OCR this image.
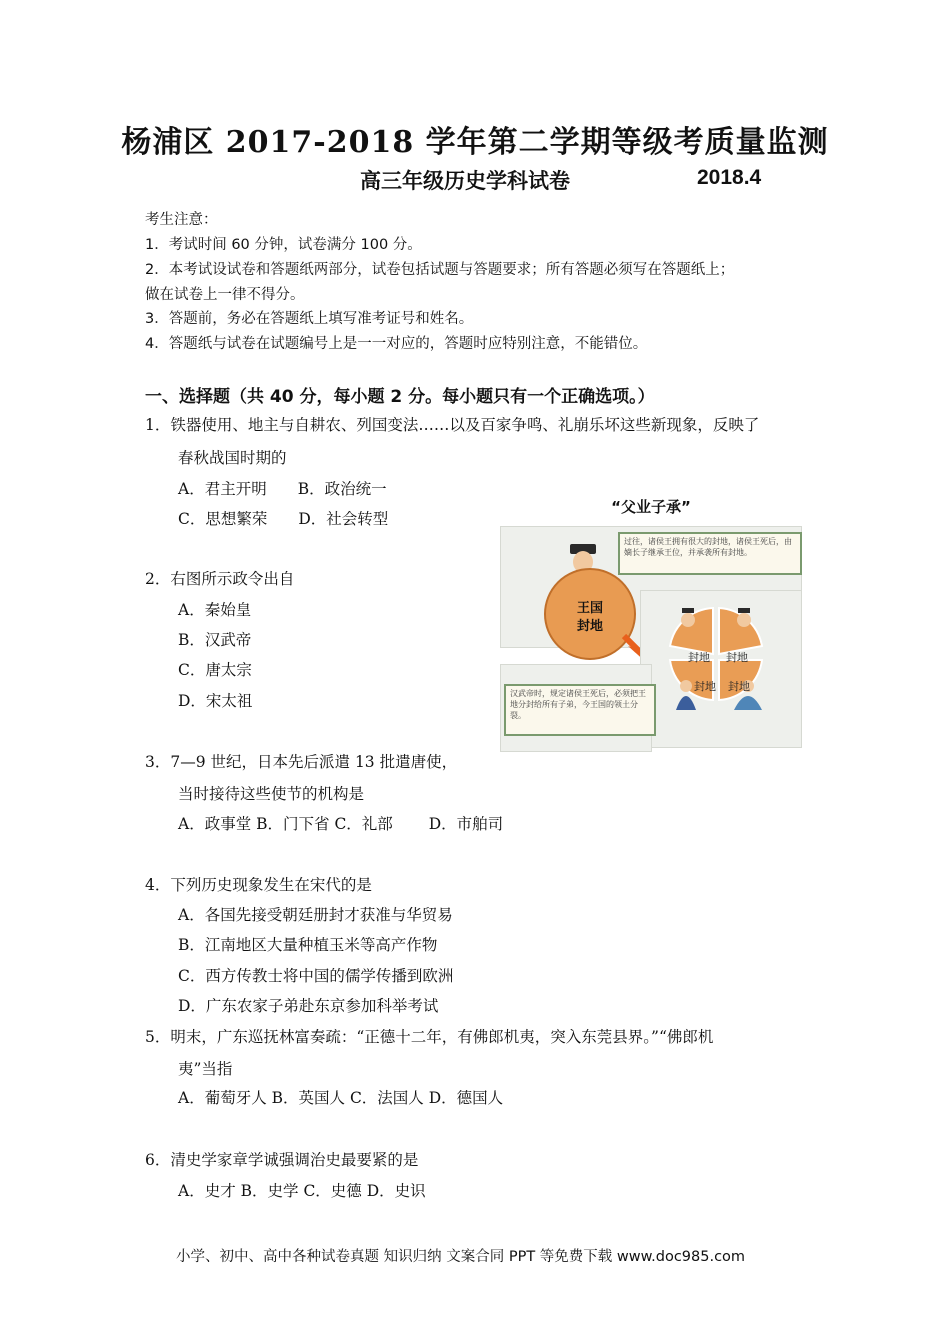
杨浦区 2017-2018 学年第二学期等级考质量监测
高三年级历史学科试卷	2018.4
考生注意：
1．考试时间 60 分钟，试卷满分 100 分。
2．本考试设试卷和答题纸两部分，试卷包括试题与答题要求；所有答题必须写在答题纸上；
做在试卷上一律不得分。
3．答题前，务必在答题纸上填写准考证号和姓名。
4．答题纸与试卷在试题编号上是一一对应的，答题时应特别注意，不能错位。
一、选择题（共 40 分，每小题 2 分。每小题只有一个正确选项。）
1．铁器使用、地主与自耕农、列国变法……以及百家争鸣、礼崩乐坏这些新现象，反映了
春秋战国时期的
A．君主开明　　B．政治统一
C．思想繁荣　　D．社会转型
2．右图所示政令出自
A．秦始皇
B．汉武帝
C．唐太宗
D．宋太祖
“父业子承”
过往，诸侯王拥有很大的封地，诸侯王死后，由嫡长子继承王位，并承袭所有封地。
汉武帝时，规定诸侯王死后，必须把王地分封给所有子弟，今王国的领土分裂。
王国
封地
封地 封地
封地 封地
3．7—9 世纪，日本先后派遣 13 批遣唐使，
当时接待这些使节的机构是
A．政事堂 B．门下省 C．礼部　　 D．市舶司
4．下列历史现象发生在宋代的是
A．各国先接受朝廷册封才获准与华贸易
B．江南地区大量种植玉米等高产作物
C．西方传教士将中国的儒学传播到欧洲
D．广东农家子弟赴东京参加科举考试
5．明末，广东巡抚林富奏疏：“正德十二年，有佛郎机夷，突入东莞县界。”“佛郎机
夷”当指
A．葡萄牙人 B．英国人 C．法国人 D．德国人
6．清史学家章学诚强调治史最要紧的是
A．史才 B．史学 C．史德 D．史识
小学、初中、高中各种试卷真题 知识归纳 文案合同 PPT 等免费下载 www.doc985.com
